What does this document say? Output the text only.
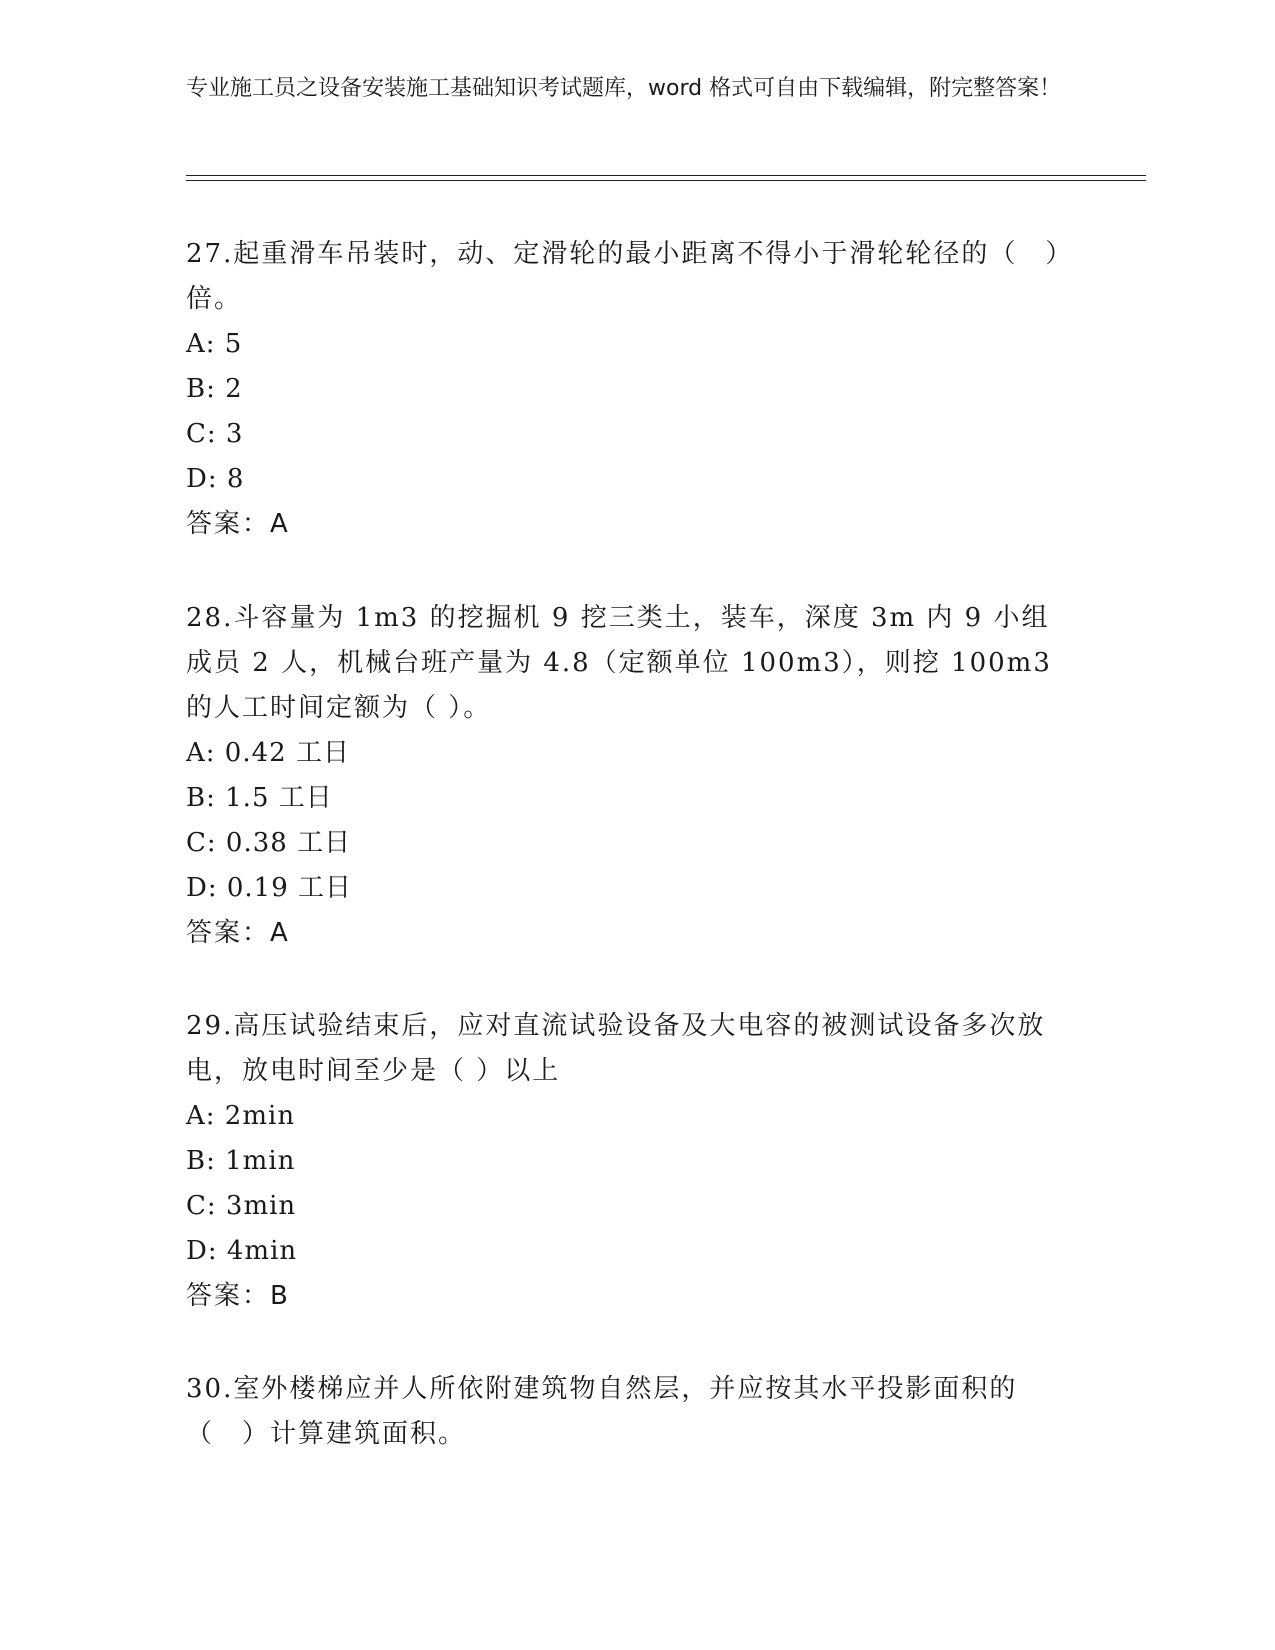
专业施工员之设备安装施工基础知识考试题库，word 格式可自由下载编辑，附完整答案！

27.起重滑车吊装时，动、定滑轮的最小距离不得小于滑轮轮径的（　）倍。

A: 5

B: 2

C: 3

D: 8

答案：A

28.斗容量为 1m3 的挖掘机 9 挖三类土，装车，深度 3m 内 9 小组成员 2 人，机械台班产量为 4.8（定额单位 100m3），则挖 100m3 的人工时间定额为（ ）。

A: 0.42 工日

B: 1.5 工日

C: 0.38 工日

D: 0.19 工日

答案：A

29.高压试验结束后，应对直流试验设备及大电容的被测试设备多次放电，放电时间至少是（ ）以上

A: 2min

B: 1min

C: 3min

D: 4min

答案：B

30.室外楼梯应并人所依附建筑物自然层，并应按其水平投影面积的（　）计算建筑面积。
